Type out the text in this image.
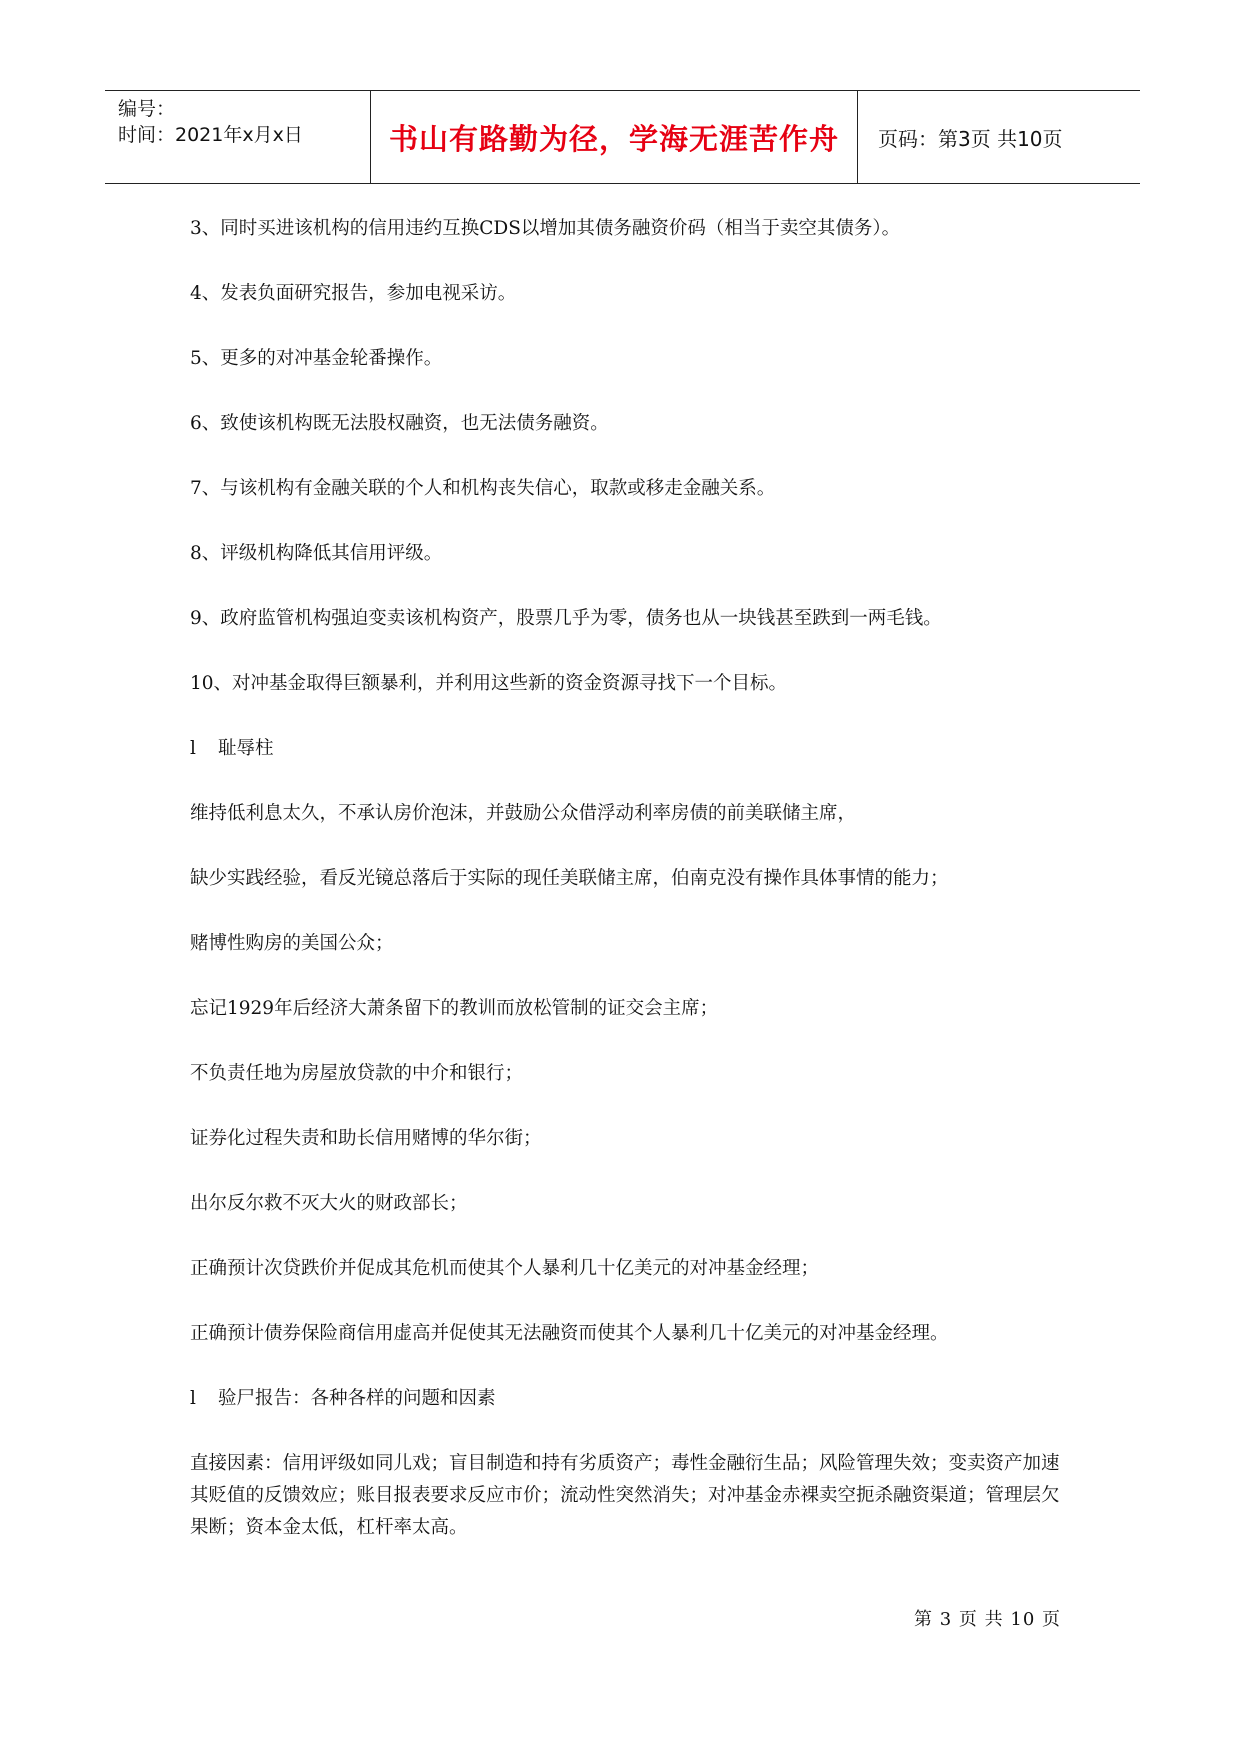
编号：
时间：2021年x月x日	书山有路勤为径，学海无涯苦作舟	页码：第3页 共10页

3、同时买进该机构的信用违约互换CDS以增加其债务融资价码（相当于卖空其债务）。

4、发表负面研究报告，参加电视采访。

5、更多的对冲基金轮番操作。

6、致使该机构既无法股权融资，也无法债务融资。

7、与该机构有金融关联的个人和机构丧失信心，取款或移走金融关系。

8、评级机构降低其信用评级。

9、政府监管机构强迫变卖该机构资产，股票几乎为零，债务也从一块钱甚至跌到一两毛钱。

10、对冲基金取得巨额暴利，并利用这些新的资金资源寻找下一个目标。

l 耻辱柱

维持低利息太久，不承认房价泡沫，并鼓励公众借浮动利率房债的前美联储主席，

缺少实践经验，看反光镜总落后于实际的现任美联储主席，伯南克没有操作具体事情的能力；

赌博性购房的美国公众；

忘记1929年后经济大萧条留下的教训而放松管制的证交会主席；

不负责任地为房屋放贷款的中介和银行；

证券化过程失责和助长信用赌博的华尔街；

出尔反尔救不灭大火的财政部长；

正确预计次贷跌价并促成其危机而使其个人暴利几十亿美元的对冲基金经理；

正确预计债券保险商信用虚高并促使其无法融资而使其个人暴利几十亿美元的对冲基金经理。

l 验尸报告：各种各样的问题和因素

直接因素：信用评级如同儿戏；盲目制造和持有劣质资产；毒性金融衍生品；风险管理失效；变卖资产加速其贬值的反馈效应；账目报表要求反应市价；流动性突然消失；对冲基金赤裸卖空扼杀融资渠道；管理层欠果断；资本金太低，杠杆率太高。

第 3 页 共 10 页
